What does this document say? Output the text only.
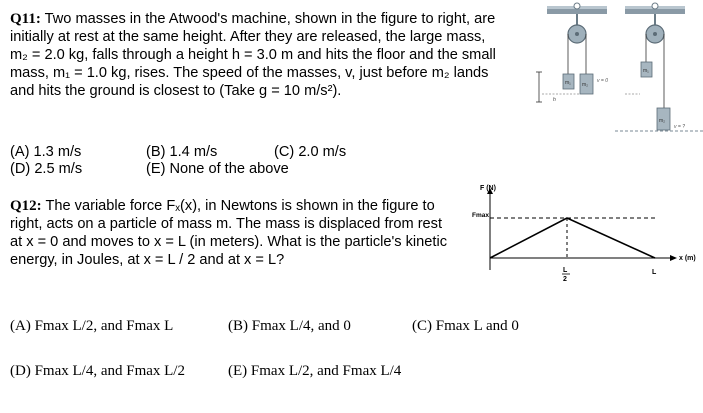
Q11: Two masses in the Atwood's machine, shown in the figure to right, are initially at rest at the same height. After they are released, the large mass, m₂ = 2.0 kg, falls through a height h = 3.0 m and hits the floor and the small mass, m₁ = 1.0 kg, rises. The speed of the masses, v, just before m₂ lands and hits the ground is closest to (Take g = 10 m/s²).
(A) 1.3 m/s	(B) 1.4 m/s	(C) 2.0 m/s
(D) 2.5 m/s	(E) None of the above
m₁ m₂
v = 0
h
m₁
m₂
v = ?
Q12: The variable force Fₓ(x), in Newtons is shown in the figure to right, acts on a particle of mass m. The mass is displaced from rest at x = 0 and moves to x = L (in meters). What is the particle's kinetic energy, in Joules, at x = L / 2 and at x = L?
F (N)
x (m)
Fmax
L
2
L
(A) Fmax L/2, and Fmax L	(B) Fmax L/4, and 0	(C) Fmax L and 0
(D) Fmax L/4, and Fmax L/2	(E) Fmax L/2, and Fmax L/4
